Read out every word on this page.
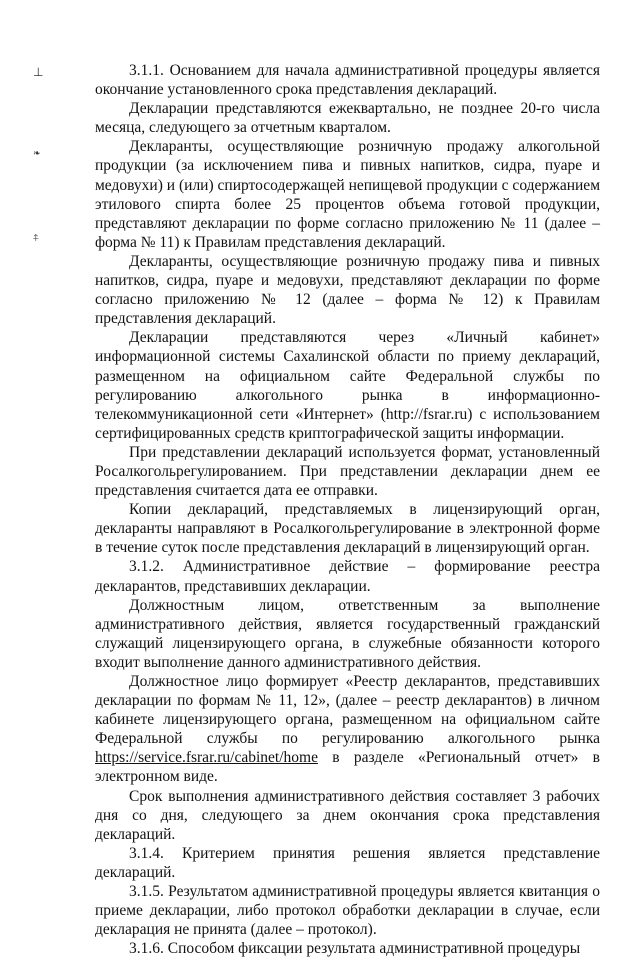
⊥
❧
⍏

3.1.1. Основанием для начала административной процедуры является окончание установленного срока представления деклараций.

Декларации представляются ежеквартально, не позднее 20-го числа месяца, следующего за отчетным кварталом.

Декларанты, осуществляющие розничную продажу алкогольной продукции (за исключением пива и пивных напитков, сидра, пуаре и медовухи) и (или) спиртосодержащей непищевой продукции с содержанием этилового спирта более 25 процентов объема готовой продукции, представляют декларации по форме согласно приложению № 11 (далее – форма № 11) к Правилам представления деклараций.

Декларанты, осуществляющие розничную продажу пива и пивных напитков, сидра, пуаре и медовухи, представляют декларации по форме согласно приложению № 12 (далее – форма № 12) к Правилам представления деклараций.

Декларации представляются через «Личный кабинет» информационной системы Сахалинской области по приему деклараций, размещенном на официальном сайте Федеральной службы по регулированию алкогольного рынка в информационно-телекоммуникационной сети «Интернет» (http://fsrar.ru) с использованием сертифицированных средств криптографической защиты информации.

При представлении деклараций используется формат, установленный Росалкогольрегулированием. При представлении декларации днем ее представления считается дата ее отправки.

Копии деклараций, представляемых в лицензирующий орган, декларанты направляют в Росалкогольрегулирование в электронной форме в течение суток после представления деклараций в лицензирующий орган.

3.1.2. Административное действие – формирование реестра декларантов, представивших декларации.

Должностным лицом, ответственным за выполнение административного действия, является государственный гражданский служащий лицензирующего органа, в служебные обязанности которого входит выполнение данного административного действия.

Должностное лицо формирует «Реестр декларантов, представивших декларации по формам № 11, 12», (далее – реестр декларантов) в личном кабинете лицензирующего органа, размещенном на официальном сайте Федеральной службы по регулированию алкогольного рынка https://service.fsrar.ru/cabinet/home в разделе «Региональный отчет» в электронном виде.

Срок выполнения административного действия составляет 3 рабочих дня со дня, следующего за днем окончания срока представления деклараций.

3.1.4. Критерием принятия решения является представление деклараций.

3.1.5. Результатом административной процедуры является квитанция о приеме декларации, либо протокол обработки декларации в случае, если декларация не принята (далее – протокол).

3.1.6. Способом фиксации результата административной процедуры
